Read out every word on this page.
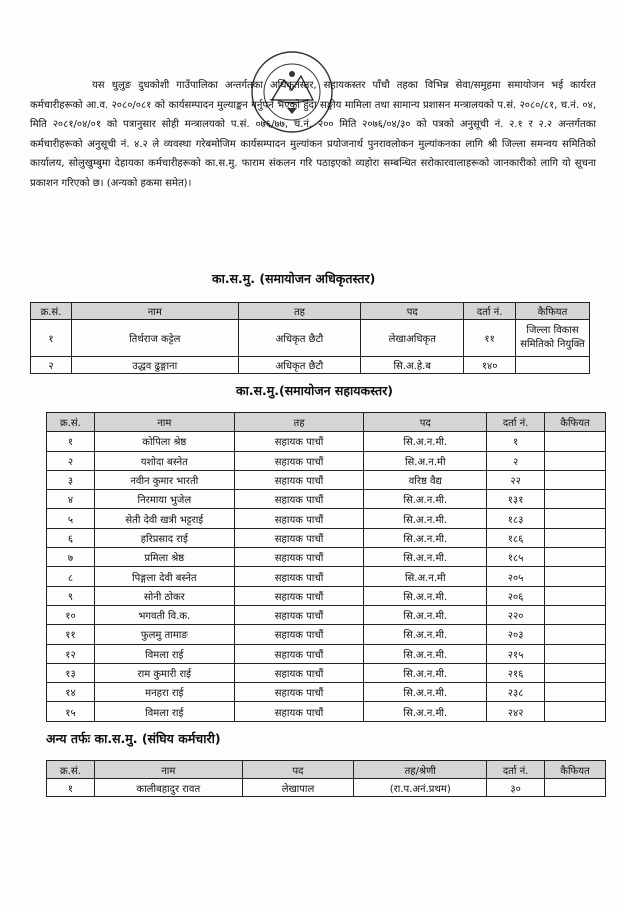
यस थुलुङ दुधकोशी गाउँपालिका अन्तर्गतका अधिकृतस्तर, सहायकस्तर पाँचौ तहका विभिन्न सेवा/समुहमा समायोजन भई कार्यरत कर्मचारीहरूको आ.व. २०८०/०८१ को कार्यसम्पादन मुल्याङ्कन गर्नुपर्ने भएको हुँदा सङ्घीय मामिला तथा सामान्य प्रशासन मन्त्रालयको प.सं. २०८०/८१, च.नं. ०४, मिति २०८१/०४/०१ को पत्रानुसार सोही मन्त्रालयको प.सं. ०७६/७७, च.नं. २०० मिति २०७६/०४/३० को पत्रको अनुसूची नं. २.१ र २.२ अन्तर्गतका कर्मचारीहरूको अनुसूची नं. ४.२ ले व्यवस्था गरेबमोजिम कार्यसम्पादन मुल्यांकन प्रयोजनार्थ पुनरावलोकन मुल्यांकनका लागि श्री जिल्ला समन्वय समितिको कार्यालय, सोलुखुम्बुमा देहायका कर्मचारीहरूको का.स.मु. फाराम संकलन गरि पठाइएको व्यहोरा सम्बन्धित सरोकारवालाहरूको जानकारीको लागि यो सूचना प्रकाशन गरिएको छ। (अन्यको हकमा समेत)।
का.स.मु. (समायोजन अधिकृतस्तर)
क्र.सं.	नाम	तह	पद	दर्ता नं.	कैफियत
१	तिर्थराज कट्टेल	अधिकृत छैटौ	लेखाअधिकृत	११	जिल्ला विकास समितिको नियुक्ति
२	उद्धव ढुङ्गाना	अधिकृत छैटौ	सि.अ.हे.ब	१४०	
का.स.मु.(समायोजन सहायकस्तर)
क्र.सं.	नाम	तह	पद	दर्ता नं.	कैफियत
१	कोपिला श्रेष्ठ	सहायक पाचौं	सि.अ.न.मी.	१	
२	यशोदा बस्नेत	सहायक पाचौं	सि.अ.न.मी	२	
३	नवीन कुमार भारती	सहायक पाचौं	वरिष्ठ वैद्य	२२	
४	निरमाया भुजेल	सहायक पाचौं	सि.अ.न.मी.	१३१	
५	सेती देवी खत्री भट्टराई	सहायक पाचौं	सि.अ.न.मी.	१८३	
६	हरिप्रसाद राई	सहायक पाचौं	सि.अ.न.मी.	१८६	
७	प्रमिला श्रेष्ठ	सहायक पाचौं	सि.अ.न.मी.	१८५	
८	पिङ्गला देवी बस्नेत	सहायक पाचौं	सि.अ.न.मी	२०५	
९	सोनी ठोकर	सहायक पाचौं	सि.अ.न.मी.	२०६	
१०	भगवती वि.क.	सहायक पाचौं	सि.अ.न.मी.	२२०	
११	फुलमु तामाङ	सहायक पाचौं	सि.अ.न.मी.	२०३	
१२	विमला राई	सहायक पाचौं	सि.अ.न.मी.	२१५	
१३	राम कुमारी राई	सहायक पाचौं	सि.अ.न.मी.	२१६	
१४	मनहरा राई	सहायक पाचौं	सि.अ.न.मी.	२३८	
१५	विमला राई	सहायक पाचौं	सि.अ.न.मी.	२४२	
अन्य तर्फः का.स.मु. (संघिय कर्मचारी)
क्र.सं.	नाम	पद	तह/श्रेणी	दर्ता नं.	कैफियत
१	कालीबहादुर रावत	लेखापाल	(रा.प.अनं.प्रथम)	३०	
